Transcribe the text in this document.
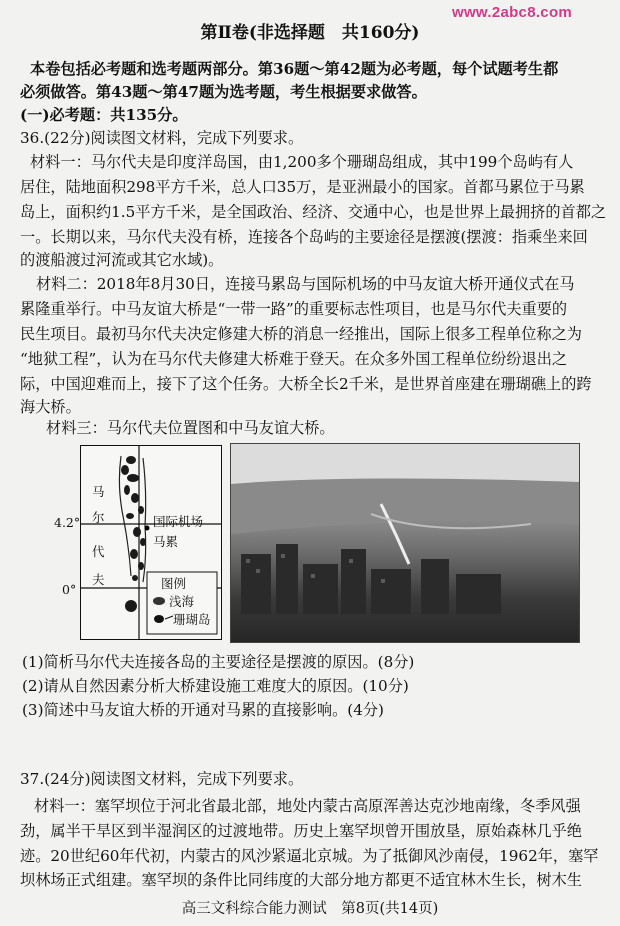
www.2abc8.com
第Ⅱ卷(非选择题　共160分)
本卷包括必考题和选考题两部分。第36题～第42题为必考题，每个试题考生都
必须做答。第43题～第47题为选考题，考生根据要求做答。
(一)必考题：共135分。
36.(22分)阅读图文材料，完成下列要求。
材料一：马尔代夫是印度洋岛国，由1,200多个珊瑚岛组成，其中199个岛屿有人
居住，陆地面积298平方千米，总人口35万，是亚洲最小的国家。首都马累位于马累
岛上，面积约1.5平方千米，是全国政治、经济、交通中心，也是世界上最拥挤的首都之
一。长期以来，马尔代夫没有桥，连接各个岛屿的主要途径是摆渡(摆渡：指乘坐来回
的渡船渡过河流或其它水域)。
材料二：2018年8月30日，连接马累岛与国际机场的中马友谊大桥开通仪式在马
累隆重举行。中马友谊大桥是“一带一路”的重要标志性项目，也是马尔代夫重要的
民生项目。最初马尔代夫决定修建大桥的消息一经推出，国际上很多工程单位称之为
“地狱工程”，认为在马尔代夫修建大桥难于登天。在众多外国工程单位纷纷退出之
际，中国迎难而上，接下了这个任务。大桥全长2千米，是世界首座建在珊瑚礁上的跨
海大桥。
材料三：马尔代夫位置图和中马友谊大桥。
4.2°
0°
马
尔
代
夫
国际机场
马累
图例
浅海
珊瑚岛
(1)简析马尔代夫连接各岛的主要途径是摆渡的原因。(8分)
(2)请从自然因素分析大桥建设施工难度大的原因。(10分)
(3)简述中马友谊大桥的开通对马累的直接影响。(4分)
37.(24分)阅读图文材料，完成下列要求。
材料一：塞罕坝位于河北省最北部，地处内蒙古高原浑善达克沙地南缘，冬季风强
劲，属半干旱区到半湿润区的过渡地带。历史上塞罕坝曾开围放垦，原始森林几乎绝
迹。20世纪60年代初，内蒙古的风沙紧逼北京城。为了抵御风沙南侵，1962年，塞罕
坝林场正式组建。塞罕坝的条件比同纬度的大部分地方都更不适宜林木生长，树木生
高三文科综合能力测试　第8页(共14页)
